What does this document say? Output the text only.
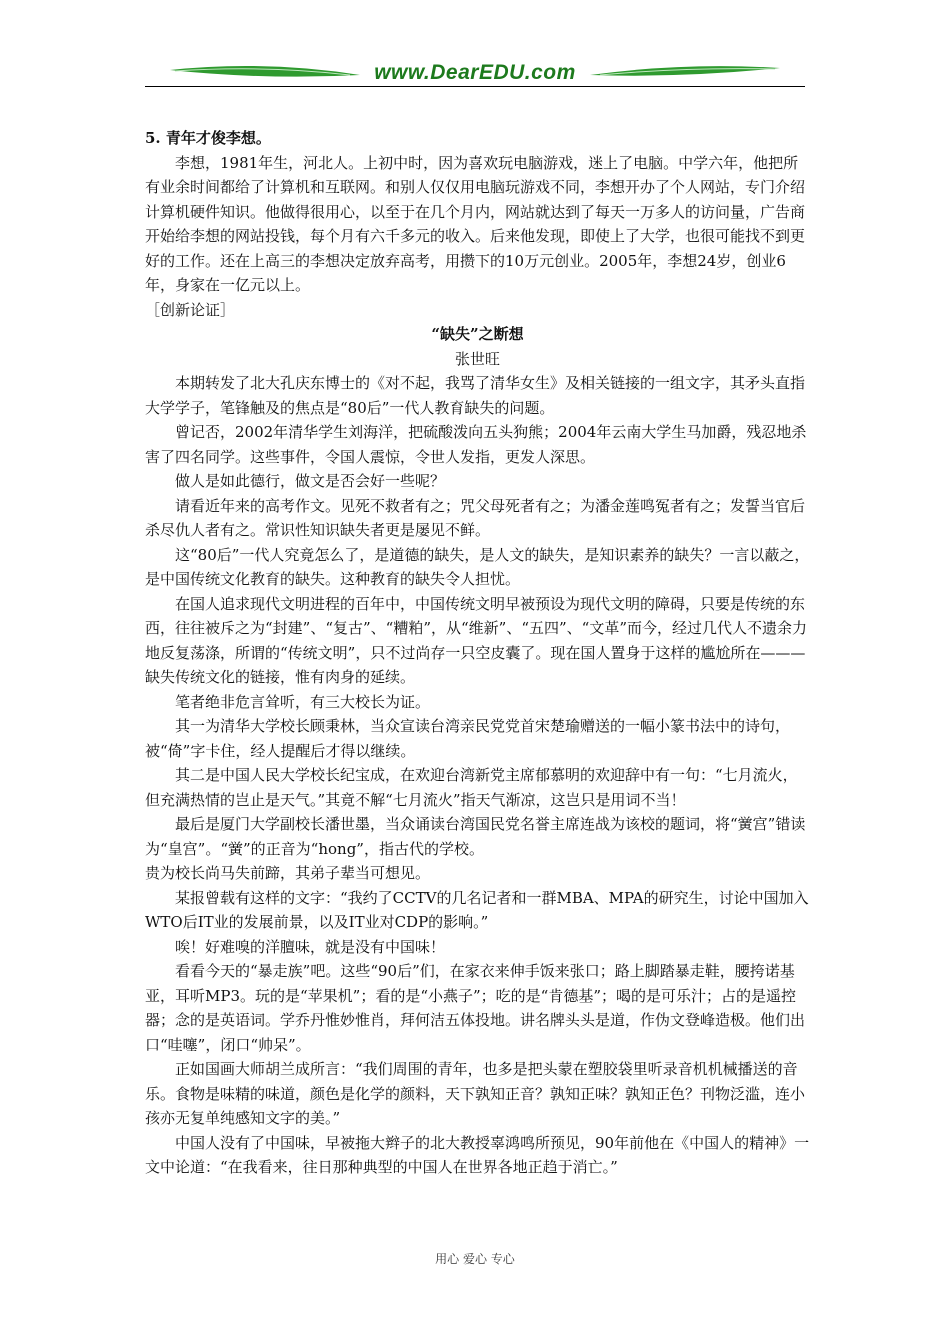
www.DearEDU.com

5. 青年才俊李想。

李想，1981年生，河北人。上初中时，因为喜欢玩电脑游戏，迷上了电脑。中学六年，他把所有业余时间都给了计算机和互联网。和别人仅仅用电脑玩游戏不同，李想开办了个人网站，专门介绍计算机硬件知识。他做得很用心，以至于在几个月内，网站就达到了每天一万多人的访问量，广告商开始给李想的网站投钱，每个月有六千多元的收入。后来他发现，即使上了大学，也很可能找不到更好的工作。还在上高三的李想决定放弃高考，用攒下的10万元创业。2005年，李想24岁，创业6年，身家在一亿元以上。

［创新论证］

“缺失”之断想

张世旺

本期转发了北大孔庆东博士的《对不起，我骂了清华女生》及相关链接的一组文字，其矛头直指大学学子，笔锋触及的焦点是“80后”一代人教育缺失的问题。

曾记否，2002年清华学生刘海洋，把硫酸泼向五头狗熊；2004年云南大学生马加爵，残忍地杀害了四名同学。这些事件，令国人震惊，令世人发指，更发人深思。

做人是如此德行，做文是否会好一些呢？

请看近年来的高考作文。见死不救者有之；咒父母死者有之；为潘金莲鸣冤者有之；发誓当官后杀尽仇人者有之。常识性知识缺失者更是屡见不鲜。

这“80后”一代人究竟怎么了，是道德的缺失，是人文的缺失，是知识素养的缺失？一言以蔽之，是中国传统文化教育的缺失。这种教育的缺失令人担忧。

在国人追求现代文明进程的百年中，中国传统文明早被预设为现代文明的障碍，只要是传统的东西，往往被斥之为“封建”、“复古”、“糟粕”，从“维新”、“五四”、“文革”而今，经过几代人不遗余力地反复荡涤，所谓的“传统文明”，只不过尚存一只空皮囊了。现在国人置身于这样的尴尬所在———缺失传统文化的链接，惟有肉身的延续。

笔者绝非危言耸听，有三大校长为证。

其一为清华大学校长顾秉林，当众宣读台湾亲民党党首宋楚瑜赠送的一幅小篆书法中的诗句，被“倚”字卡住，经人提醒后才得以继续。

其二是中国人民大学校长纪宝成，在欢迎台湾新党主席郁慕明的欢迎辞中有一句：“七月流火，但充满热情的岂止是天气。”其竟不解“七月流火”指天气渐凉，这岂只是用词不当！

最后是厦门大学副校长潘世墨，当众诵读台湾国民党名誉主席连战为该校的题词，将“黉宫”错读为“皇宫”。“黉”的正音为“hong”，指古代的学校。

贵为校长尚马失前蹄，其弟子辈当可想见。

某报曾载有这样的文字：“我约了CCTV的几名记者和一群MBA、MPA的研究生，讨论中国加入WTO后IT业的发展前景，以及IT业对CDP的影响。”

唉！好难嗅的洋膻味，就是没有中国味！

看看今天的“暴走族”吧。这些“90后”们，在家衣来伸手饭来张口；路上脚踏暴走鞋，腰挎诺基亚，耳听MP3。玩的是“苹果机”；看的是“小燕子”；吃的是“肯德基”；喝的是可乐汁；占的是遥控器；念的是英语词。学乔丹惟妙惟肖，拜何洁五体投地。讲名牌头头是道，作伪文登峰造极。他们出口“哇噻”，闭口“帅呆”。

正如国画大师胡兰成所言：“我们周围的青年，也多是把头蒙在塑胶袋里听录音机机械播送的音乐。食物是味精的味道，颜色是化学的颜料，天下孰知正音？孰知正味？孰知正色？刊物泛滥，连小孩亦无复单纯感知文字的美。”

中国人没有了中国味，早被拖大辫子的北大教授辜鸿鸣所预见，90年前他在《中国人的精神》一文中论道：“在我看来，往日那种典型的中国人在世界各地正趋于消亡。”

用心 爱心 专心
